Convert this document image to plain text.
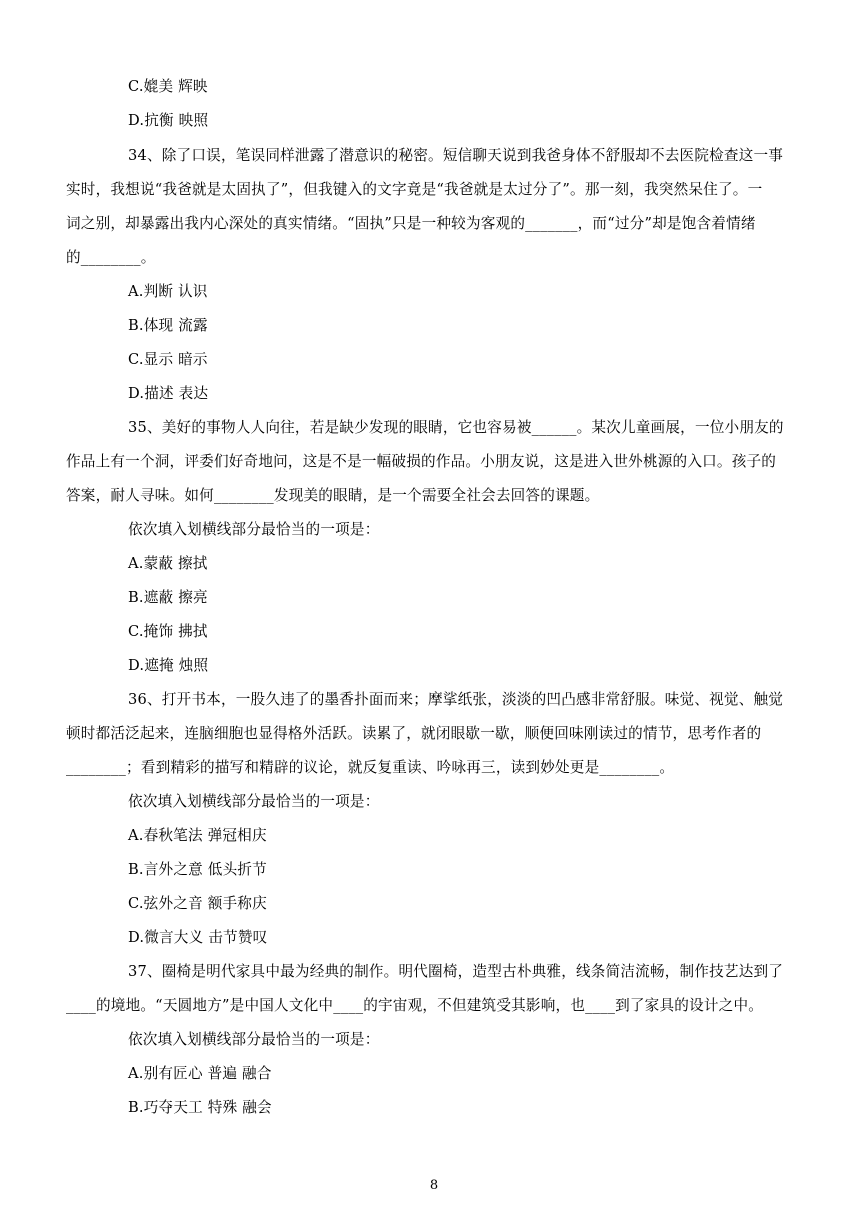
C.媲美 辉映
D.抗衡 映照
34、除了口误，笔误同样泄露了潜意识的秘密。短信聊天说到我爸身体不舒服却不去医院检查这一事
实时，我想说“我爸就是太固执了”，但我键入的文字竟是“我爸就是太过分了”。那一刻，我突然呆住了。一
词之别，却暴露出我内心深处的真实情绪。“固执”只是一种较为客观的_______，而“过分”却是饱含着情绪
的________。
A.判断 认识
B.体现 流露
C.显示 暗示
D.描述 表达
35、美好的事物人人向往，若是缺少发现的眼睛，它也容易被______。某次儿童画展，一位小朋友的
作品上有一个洞，评委们好奇地问，这是不是一幅破损的作品。小朋友说，这是进入世外桃源的入口。孩子的
答案，耐人寻味。如何________发现美的眼睛，是一个需要全社会去回答的课题。
依次填入划横线部分最恰当的一项是：
A.蒙蔽 擦拭
B.遮蔽 擦亮
C.掩饰 拂拭
D.遮掩 烛照
36、打开书本，一股久违了的墨香扑面而来；摩挲纸张，淡淡的凹凸感非常舒服。味觉、视觉、触觉
顿时都活泛起来，连脑细胞也显得格外活跃。读累了，就闭眼歇一歇，顺便回味刚读过的情节，思考作者的
________；看到精彩的描写和精辟的议论，就反复重读、吟咏再三，读到妙处更是________。
依次填入划横线部分最恰当的一项是：
A.春秋笔法 弹冠相庆
B.言外之意 低头折节
C.弦外之音 额手称庆
D.微言大义 击节赞叹
37、圈椅是明代家具中最为经典的制作。明代圈椅，造型古朴典雅，线条简洁流畅，制作技艺达到了
____的境地。“天圆地方”是中国人文化中____的宇宙观，不但建筑受其影响，也____到了家具的设计之中。
依次填入划横线部分最恰当的一项是：
A.别有匠心 普遍 融合
B.巧夺天工 特殊 融会
8
